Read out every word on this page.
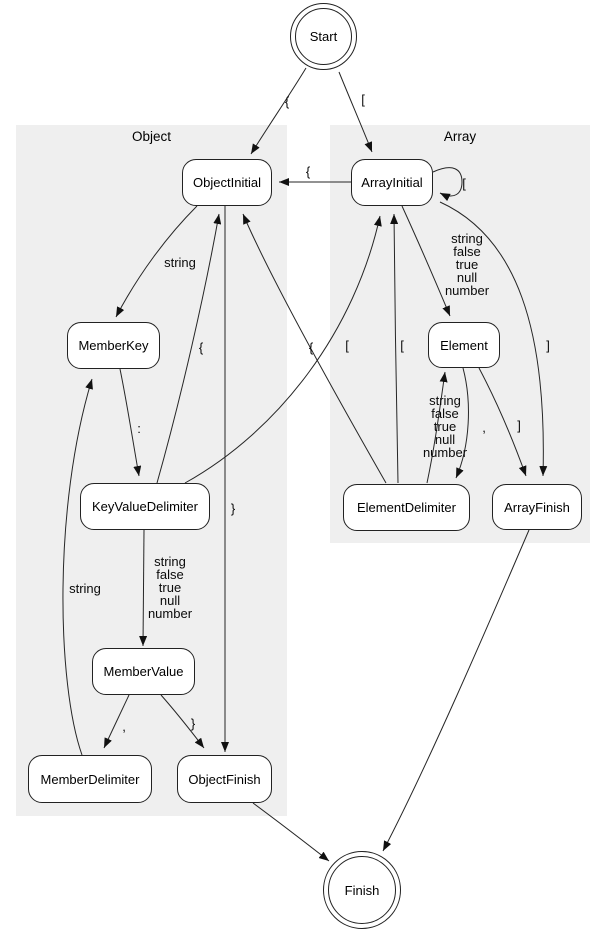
Object	Array
{	[
{
[
string
string
false
true
null
number
{	{ [	[	]
:
string
false
true
null
number
, ]
}
string
false
true
null
number
string
,	}
Start
Finish
ObjectInitial	ArrayInitial
MemberKey	Element
KeyValueDelimiter	ElementDelimiter	ArrayFinish
MemberValue
MemberDelimiter	ObjectFinish
